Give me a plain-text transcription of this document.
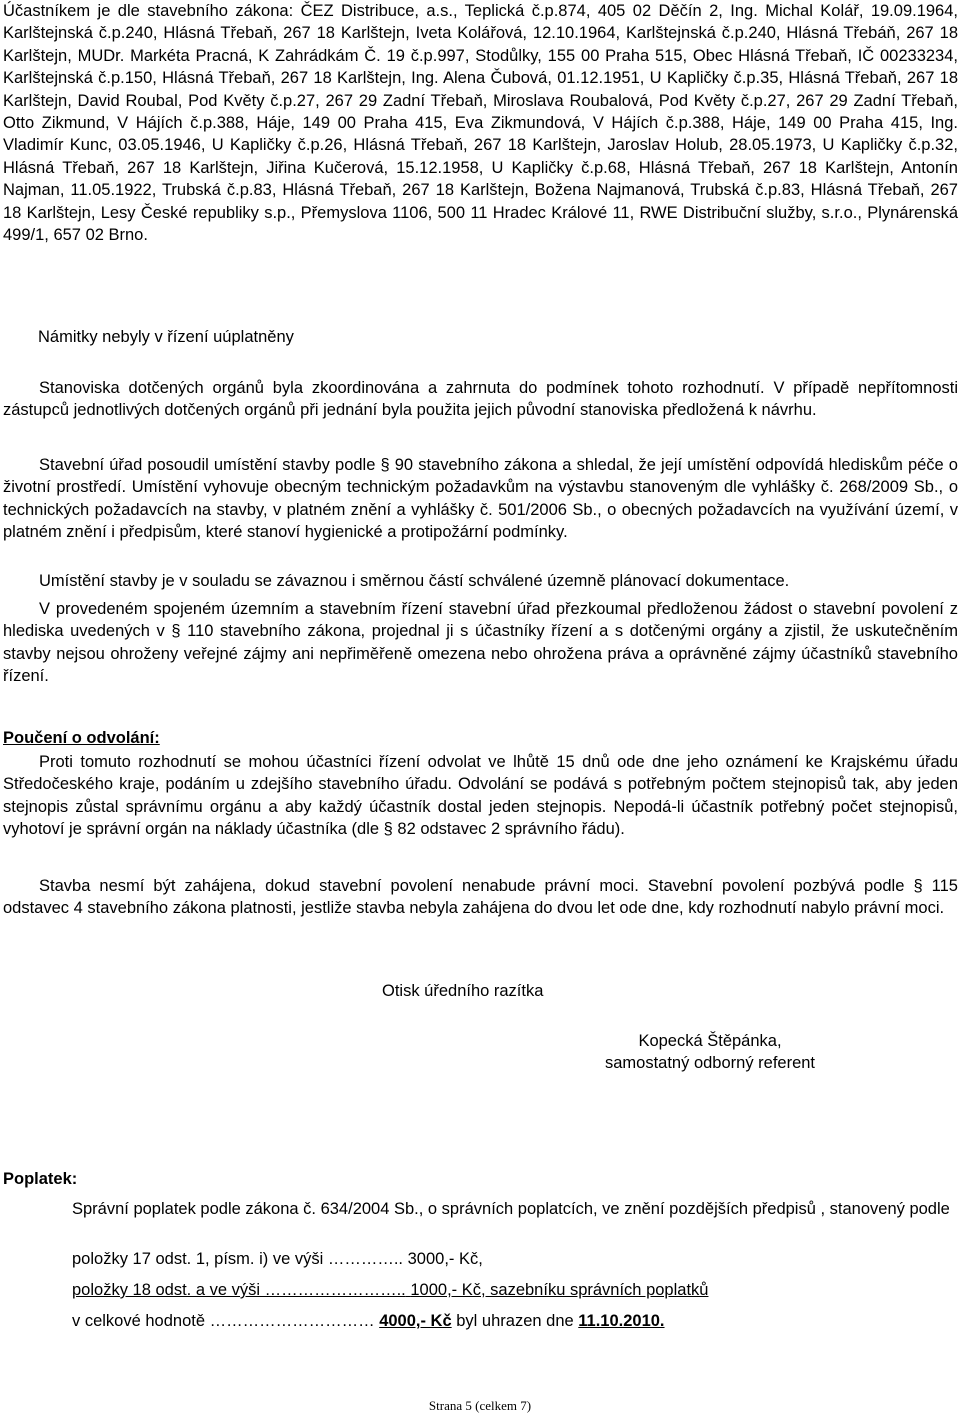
Účastníkem je dle stavebního zákona: ČEZ Distribuce, a.s., Teplická č.p.874, 405 02 Děčín 2, Ing. Michal Kolář, 19.09.1964, Karlštejnská č.p.240, Hlásná Třebaň, 267 18 Karlštejn, Iveta Kolářová, 12.10.1964, Karlštejnská č.p.240, Hlásná Třebáň, 267 18 Karlštejn, MUDr. Markéta Pracná, K Zahrádkám Č. 19 č.p.997, Stodůlky, 155 00 Praha 515, Obec Hlásná Třebaň, IČ 00233234, Karlštejnská č.p.150, Hlásná Třebaň, 267 18 Karlštejn, Ing. Alena Čubová, 01.12.1951, U Kapličky č.p.35, Hlásná Třebaň, 267 18 Karlštejn, David Roubal, Pod Květy č.p.27, 267 29 Zadní Třebaň, Miroslava Roubalová, Pod Květy č.p.27, 267 29 Zadní Třebaň, Otto Zikmund, V Hájích č.p.388, Háje, 149 00 Praha 415, Eva Zikmundová, V Hájích č.p.388, Háje, 149 00 Praha 415, Ing. Vladimír Kunc, 03.05.1946, U Kapličky č.p.26, Hlásná Třebaň, 267 18 Karlštejn, Jaroslav Holub, 28.05.1973, U Kapličky č.p.32, Hlásná Třebaň, 267 18 Karlštejn, Jiřina Kučerová, 15.12.1958, U Kapličky č.p.68, Hlásná Třebaň, 267 18 Karlštejn, Antonín Najman, 11.05.1922, Trubská č.p.83, Hlásná Třebaň, 267 18 Karlštejn, Božena Najmanová, Trubská č.p.83, Hlásná Třebaň, 267 18 Karlštejn, Lesy České republiky s.p., Přemyslova 1106, 500 11 Hradec Králové 11, RWE Distribuční služby, s.r.o., Plynárenská 499/1, 657 02 Brno.

Námitky nebyly v řízení uúplatněny

Stanoviska dotčených orgánů byla zkoordinována a zahrnuta do podmínek tohoto rozhodnutí. V případě nepřítomnosti zástupců jednotlivých dotčených orgánů při jednání byla použita jejich původní stanoviska předložená k návrhu.

Stavební úřad posoudil umístění stavby podle § 90 stavebního zákona a shledal, že její umístění odpovídá hlediskům péče o životní prostředí. Umístění vyhovuje obecným technickým požadavkům na výstavbu stanoveným dle vyhlášky č. 268/2009 Sb., o technických požadavcích na stavby, v platném znění a vyhlášky č. 501/2006 Sb., o obecných požadavcích na využívání území, v platném znění i předpisům, které stanoví hygienické a protipožární podmínky.

Umístění stavby je v souladu se závaznou i směrnou částí schválené územně plánovací dokumentace.

V provedeném spojeném územním a stavebním řízení stavební úřad přezkoumal předloženou žádost o stavební povolení z hlediska uvedených v § 110 stavebního zákona, projednal ji s účastníky řízení a s dotčenými orgány a zjistil, že uskutečněním stavby nejsou ohroženy veřejné zájmy ani nepřiměřeně omezena nebo ohrožena práva a oprávněné zájmy účastníků stavebního řízení.

Poučení o odvolání:

Proti tomuto rozhodnutí se mohou účastníci řízení odvolat ve lhůtě 15 dnů ode dne jeho oznámení ke Krajskému úřadu Středočeského kraje, podáním u zdejšího stavebního úřadu. Odvolání se podává s potřebným počtem stejnopisů tak, aby jeden stejnopis zůstal správnímu orgánu a aby každý účastník dostal jeden stejnopis. Nepodá-li účastník potřebný počet stejnopisů, vyhotoví je správní orgán na náklady účastníka (dle § 82 odstavec 2 správního řádu).

Stavba nesmí být zahájena, dokud stavební povolení nenabude právní moci. Stavební povolení pozbývá podle § 115 odstavec 4 stavebního zákona platnosti, jestliže stavba nebyla zahájena do dvou let ode dne, kdy rozhodnutí nabylo právní moci.

Otisk úředního razítka

Kopecká Štěpánka,

samostatný odborný referent

Poplatek:

Správní poplatek podle zákona č. 634/2004 Sb., o správních poplatcích, ve znění pozdějších předpisů , stanovený podle

položky 17 odst. 1, písm. i) ve výši ………….. 3000,- Kč,
položky 18 odst. a ve výši …………………….. 1000,- Kč, sazebníku správních poplatků
v celkové hodnotě ………………………… 4000,- Kč byl uhrazen dne 11.10.2010.
Strana 5 (celkem 7)
